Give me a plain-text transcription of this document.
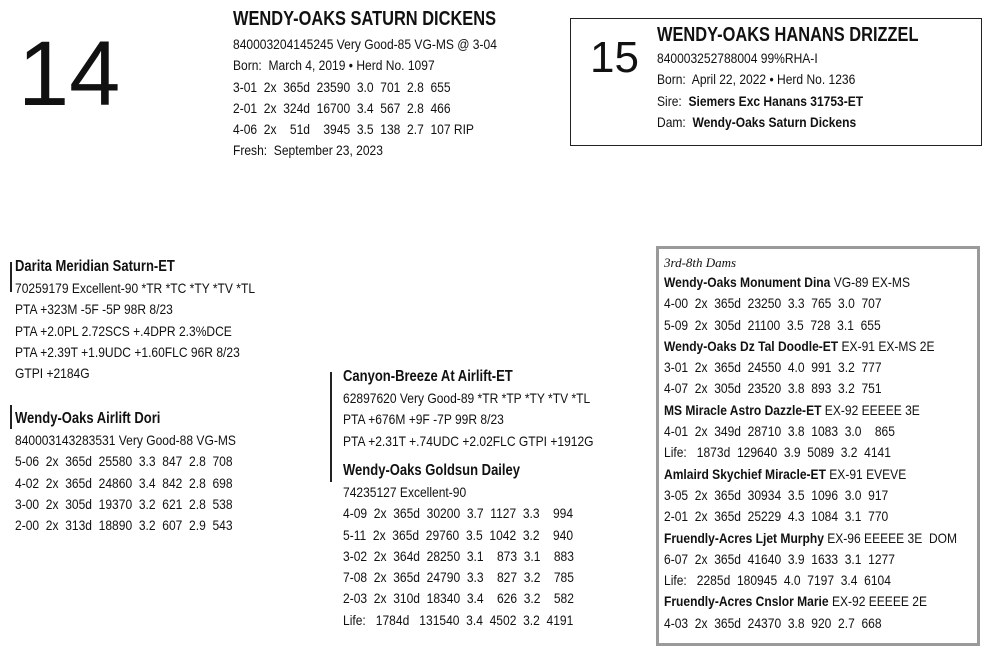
14
WENDY-OAKS SATURN DICKENS
840003204145245 Very Good-85 VG-MS @ 3-04
Born:  March 4, 2019 • Herd No. 1097
3-01  2x  365d  23590  3.0  701  2.8  655
2-01  2x  324d  16700  3.4  567  2.8  466
4-06  2x    51d    3945  3.5  138  2.7  107 RIP
Fresh:  September 23, 2023
15 WENDY-OAKS HANANS DRIZZEL
840003252788004 99%RHA-I
Born:  April 22, 2022 • Herd No. 1236
Sire: Siemers Exc Hanans 31753-ET
Dam: Wendy-Oaks Saturn Dickens
Darita Meridian Saturn-ET
70259179 Excellent-90 *TR *TC *TY *TV *TL
PTA +323M -5F -5P 98R 8/23
PTA +2.0PL 2.72SCS +.4DPR 2.3%DCE
PTA +2.39T +1.9UDC +1.60FLC 96R 8/23
GTPI +2184G
Wendy-Oaks Airlift Dori
840003143283531 Very Good-88 VG-MS
5-06  2x  365d  25580  3.3  847  2.8  708
4-02  2x  365d  24860  3.4  842  2.8  698
3-00  2x  305d  19370  3.2  621  2.8  538
2-00  2x  313d  18890  3.2  607  2.9  543
Canyon-Breeze At Airlift-ET
62897620 Very Good-89 *TR *TP *TY *TV *TL
PTA +676M +9F -7P 99R 8/23
PTA +2.31T +.74UDC +2.02FLC GTPI +1912G
Wendy-Oaks Goldsun Dailey
74235127 Excellent-90
4-09  2x  365d  30200  3.7  1127  3.3    994
5-11  2x  365d  29760  3.5  1042  3.2    940
3-02  2x  364d  28250  3.1    873  3.1    883
7-08  2x  365d  24790  3.3    827  3.2    785
2-03  2x  310d  18340  3.4    626  3.2    582
Life:   1784d   131540  3.4  4502  3.2  4191
3rd-8th Dams
Wendy-Oaks Monument Dina VG-89 EX-MS
4-00  2x  365d  23250  3.3  765  3.0  707
5-09  2x  305d  21100  3.5  728  3.1  655
Wendy-Oaks Dz Tal Doodle-ET EX-91 EX-MS 2E
3-01  2x  365d  24550  4.0  991  3.2  777
4-07  2x  305d  23520  3.8  893  3.2  751
MS Miracle Astro Dazzle-ET EX-92 EEEEE 3E
4-01  2x  349d  28710  3.8  1083  3.0    865
Life:   1873d  129640  3.9  5089  3.2  4141
Amlaird Skychief Miracle-ET EX-91 EVEVE
3-05  2x  365d  30934  3.5  1096  3.0  917
2-01  2x  365d  25229  4.3  1084  3.1  770
Fruendly-Acres Ljet Murphy EX-96 EEEEE 3E  DOM
6-07  2x  365d  41640  3.9  1633  3.1  1277
Life:   2285d  180945  4.0  7197  3.4  6104
Fruendly-Acres Cnslor Marie EX-92 EEEEE 2E
4-03  2x  365d  24370  3.8  920  2.7  668
